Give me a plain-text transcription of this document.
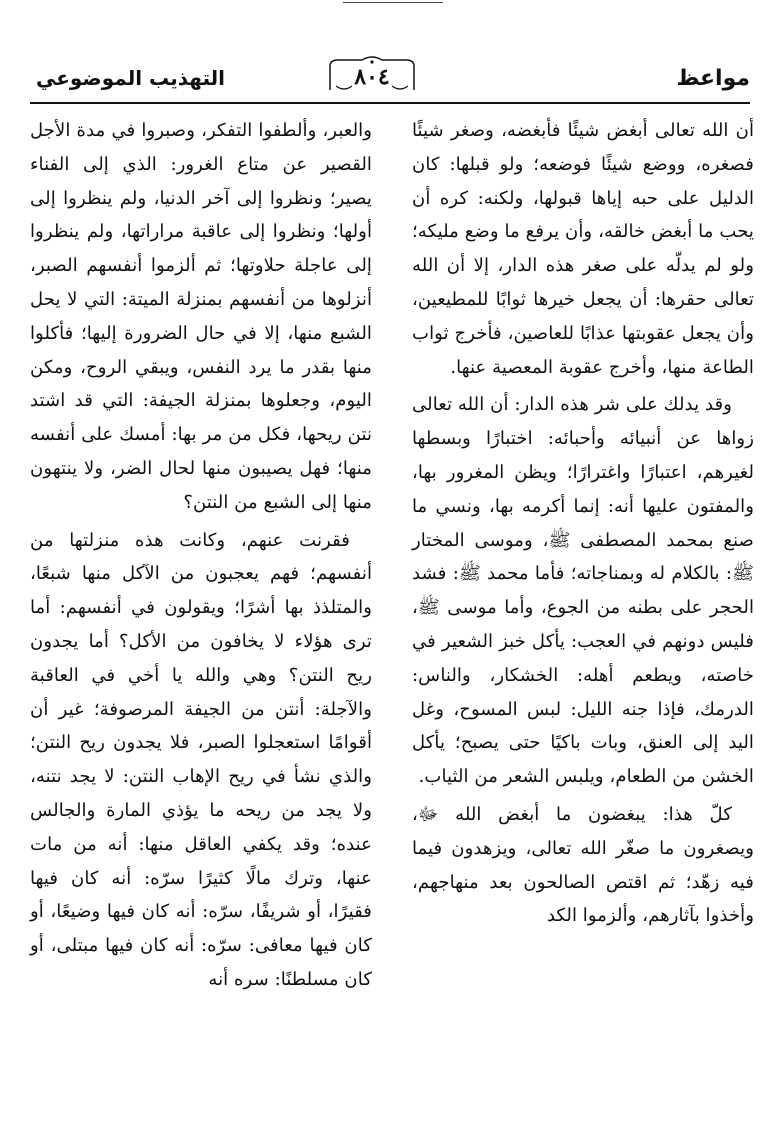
مواعظ
٨٠٤
التهذيب الموضوعي

أن الله تعالى أبغض شيئًا فأبغضه، وصغر شيئًا فصغره، ووضع شيئًا فوضعه؛ ولو قبلها: كان الدليل على حبه إياها قبولها، ولكنه: كره أن يحب ما أبغض خالقه، وأن يرفع ما وضع مليكه؛ ولو لم يدلّه على صغر هذه الدار، إلا أن الله تعالى حقرها: أن يجعل خيرها ثوابًا للمطيعين، وأن يجعل عقوبتها عذابًا للعاصين، فأخرج ثواب الطاعة منها، وأخرج عقوبة المعصية عنها.

وقد يدلك على شر هذه الدار: أن الله تعالى زواها عن أنبيائه وأحبائه: اختبارًا وبسطها لغيرهم، اعتبارًا واغترارًا؛ ويظن المغرور بها، والمفتون عليها أنه: إنما أكرمه بها، ونسي ما صنع بمحمد المصطفى ﷺ، وموسى المختار ﷺ: بالكلام له وبمناجاته؛ فأما محمد ﷺ: فشد الحجر على بطنه من الجوع، وأما موسى ﷺ، فليس دونهم في العجب: يأكل خبز الشعير في خاصته، ويطعم أهله: الخشكار، والناس: الدرمك، فإذا جنه الليل: لبس المسوح، وغل اليد إلى العنق، وبات باكيًا حتى يصبح؛ يأكل الخشن من الطعام، ويلبس الشعر من الثياب.

كلّ هذا: يبغضون ما أبغض الله ﷻ، ويصغرون ما صغّر الله تعالى، ويزهدون فيما فيه زهّد؛ ثم اقتص الصالحون بعد منهاجهم، وأخذوا بآثارهم، وألزموا الكد

والعبر، وألطفوا التفكر، وصبروا في مدة الأجل القصير عن متاع الغرور: الذي إلى الفناء يصير؛ ونظروا إلى آخر الدنيا، ولم ينظروا إلى أولها؛ ونظروا إلى عاقبة مراراتها، ولم ينظروا إلى عاجلة حلاوتها؛ ثم ألزموا أنفسهم الصبر، أنزلوها من أنفسهم بمنزلة الميتة: التي لا يحل الشبع منها، إلا في حال الضرورة إليها؛ فأكلوا منها بقدر ما يرد النفس، ويبقي الروح، ومكن اليوم، وجعلوها بمنزلة الجيفة: التي قد اشتد نتن ريحها، فكل من مر بها: أمسك على أنفسه منها؛ فهل يصيبون منها لحال الضر، ولا ينتهون منها إلى الشبع من النتن؟

فقرنت عنهم، وكانت هذه منزلتها من أنفسهم؛ فهم يعجبون من الآكل منها شبعًا، والمتلذذ بها أشرًا؛ ويقولون في أنفسهم: أما ترى هؤلاء لا يخافون من الأكل؟ أما يجدون ريح النتن؟ وهي والله يا أخي في العاقبة والآجلة: أنتن من الجيفة المرصوفة؛ غير أن أقوامًا استعجلوا الصبر، فلا يجدون ريح النتن؛ والذي نشأ في ريح الإهاب النتن: لا يجد نتنه، ولا يجد من ريحه ما يؤذي المارة والجالس عنده؛ وقد يكفي العاقل منها: أنه من مات عنها، وترك مالًا كثيرًا سرّه: أنه كان فيها فقيرًا، أو شريفًا، سرّه: أنه كان فيها وضيعًا، أو كان فيها معافى: سرّه: أنه كان فيها مبتلى، أو كان مسلطنًا: سره أنه
